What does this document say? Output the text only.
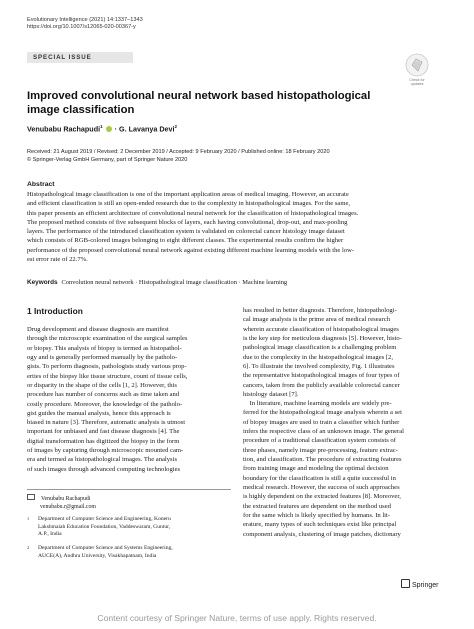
Evolutionary Intelligence (2021) 14:1337–1343
https://doi.org/10.1007/s12065-020-00367-y
SPECIAL ISSUE
Check for
updates
Improved convolutional neural network based histopathological
image classification
Venubabu Rachapudi$^1$  · G. Lavanya Devi$^2$
Received: 21 August 2019 / Revised: 2 December 2019 / Accepted: 9 February 2020 / Published online: 18 February 2020
© Springer-Verlag GmbH Germany, part of Springer Nature 2020
Abstract
Histopathological image classification is one of the important application areas of medical imaging. However, an accurate
and efficient classification is still an open-ended research due to the complexity in histopathological images. For the same,
this paper presents an efficient architecture of convolutional neural network for the classification of histopathological images.
The proposed method consists of five subsequent blocks of layers, each having convolutional, drop-out, and max-pooling
layers. The performance of the introduced classification system is validated on colorectal cancer histology image dataset
which consists of RGB-colored images belonging to eight different classes. The experimental results confirm the higher
performance of the proposed convolutional neural network against existing different machine learning models with the low-
est error rate of 22.7%.
Keywords Convolution neural network · Histopathological image classification · Machine learning
1 Introduction
Drug development and disease diagnosis are manifest
through the microscopic examination of the surgical samples
or biopsy. This analysis of biopsy is termed as histopathol-
ogy and is generally performed manually by the patholo-
gists. To perform diagnosis, pathologists study various prop-
erties of the biopsy like tissue structure, count of tissue cells,
or disparity in the shape of the cells [1, 2]. However, this
procedure has number of concerns such as time taken and
costly procedure. Moreover, the knowledge of the patholo-
gist guides the manual analysis, hence this approach is
biased in nature [3]. Therefore, automatic analysis is utmost
important for unbiased and fast disease diagnosis [4]. The
digital transformation has digitized the biopsy in the form
of images by capturing through microscopic mounted cam-
era and termed as histopathological images. The analysis
of such images through advanced computing technologies
has resulted in better diagnosis. Therefore, histopathologi-
cal image analysis is the prime area of medical research
wherein accurate classification of histopathological images
is the key step for meticulous diagnosis [5]. However, histo-
pathological image classification is a challenging problem
due to the complexity in the histopathological images [2,
6]. To illustrate the involved complexity, Fig. 1 illustrates
the representative histopathological images of four types of
cancers, taken from the publicly available colorectal cancer
histology dataset [7].
In literature, machine learning models are widely pre-
ferred for the histopathological image analysis wherein a set
of biopsy images are used to train a classifier which further
infers the respective class of an unknown image. The general
procedure of a traditional classification system consists of
three phases, namely image pre-processing, feature extrac-
tion, and classification. The procedure of extracting features
from training image and modeling the optimal decision
boundary for the classification is still a quite successful in
medical research. However, the success of such approaches
is highly dependent on the extracted features [8]. Moreover,
the extracted features are dependent on the method used
for the same which is likely specified by humans. In lit-
erature, many types of such techniques exist like principal
component analysis, clustering of image patches, dictionary
Venubabu Rachapudi
venubabu.r@gmail.com
1 Department of Computer Science and Engineering, Koneru
Lakshmaiah Education Foundation, Vaddeswaram, Guntur,
A.P., India
2 Department of Computer Science and Systems Engineering,
AUCE(A), Andhra University, Visakhapatnam, India
Springer
Content courtesy of Springer Nature, terms of use apply. Rights reserved.
